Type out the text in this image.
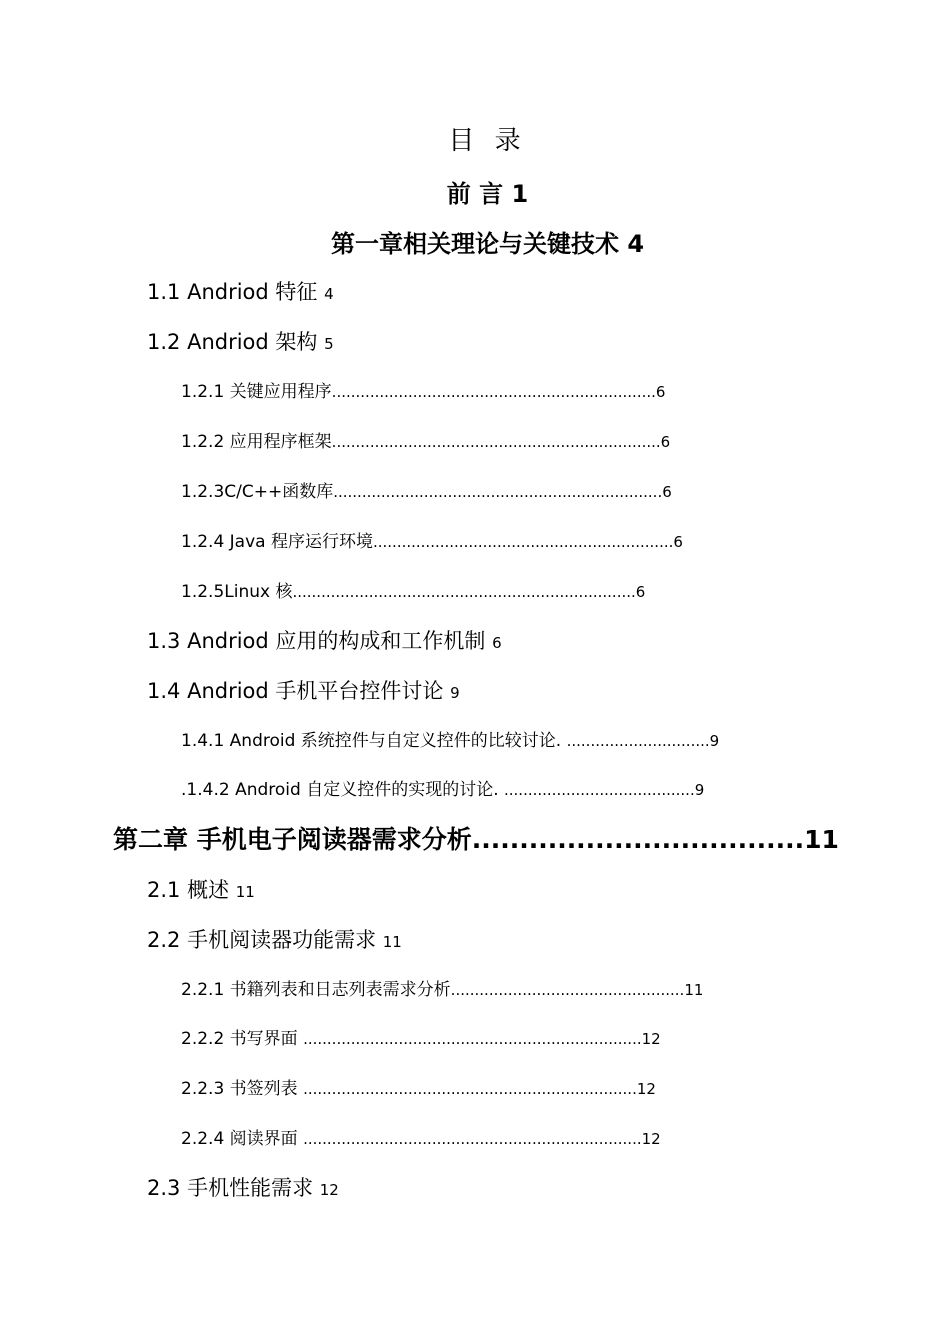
目 录
前 言 1
第一章相关理论与关键技术 4
1.1 Andriod 特征 4
1.2 Andriod 架构 5
1.2.1 关键应用程序....................................................................6
1.2.2 应用程序框架.....................................................................6
1.2.3C/C++函数库.....................................................................6
1.2.4 Java 程序运行环境...............................................................6
1.2.5Linux 核........................................................................6
1.3 Andriod 应用的构成和工作机制 6
1.4 Andriod 手机平台控件讨论 9
1.4.1 Android 系统控件与自定义控件的比较讨论. ..............................9
.1.4.2 Android 自定义控件的实现的讨论. ........................................9
第二章 手机电子阅读器需求分析...................................11
2.1 概述 11
2.2 手机阅读器功能需求 11
2.2.1 书籍列表和日志列表需求分析.................................................11
2.2.2 书写界面 .......................................................................12
2.2.3 书签列表 ......................................................................12
2.2.4 阅读界面 .......................................................................12
2.3 手机性能需求 12
